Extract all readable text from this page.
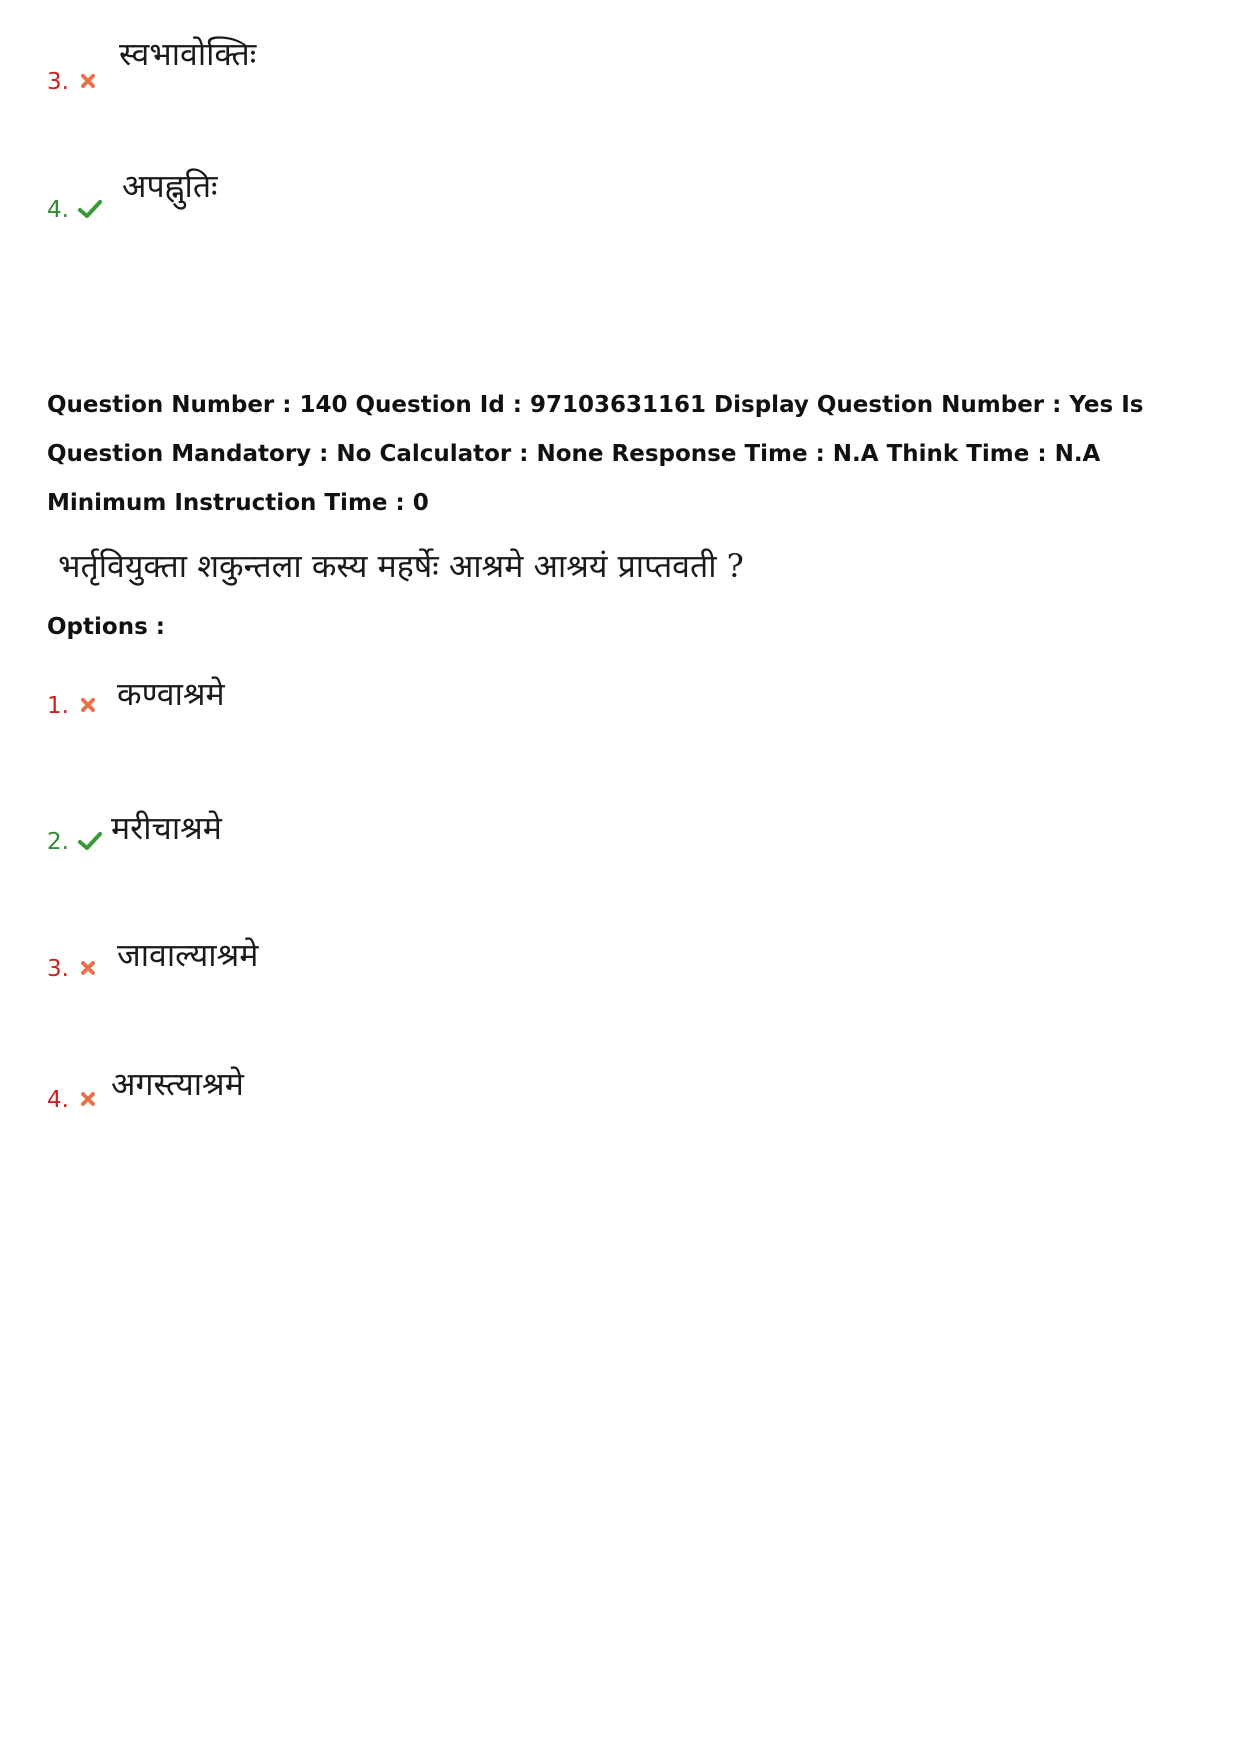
3.
स्वभावोक्तिः
4.
अपह्नुतिः

Question Number : 140 Question Id : 97103631161 Display Question Number : Yes Is Question Mandatory : No Calculator : None Response Time : N.A Think Time : N.A Minimum Instruction Time : 0

भर्तृवियुक्ता शकुन्तला कस्य महर्षेः आश्रमे आश्रयं प्राप्तवती ?
Options :
1. कण्वाश्रमे
2. मरीचाश्रमे
3. जावाल्याश्रमे
4. अगस्त्याश्रमे
